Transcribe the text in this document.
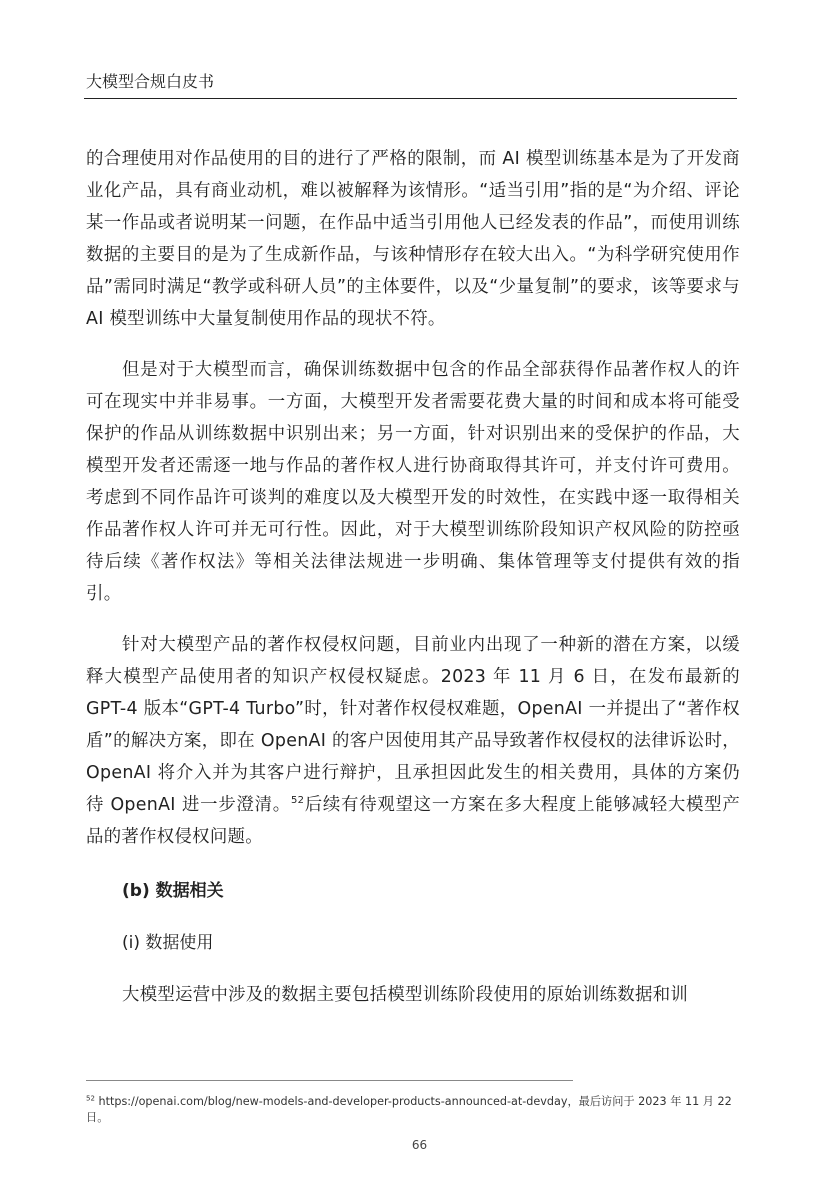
大模型合规白皮书

的合理使用对作品使用的目的进行了严格的限制，而 AI 模型训练基本是为了开发商业化产品，具有商业动机，难以被解释为该情形。“适当引用”指的是“为介绍、评论某一作品或者说明某一问题，在作品中适当引用他人已经发表的作品”，而使用训练数据的主要目的是为了生成新作品，与该种情形存在较大出入。“为科学研究使用作品”需同时满足“教学或科研人员”的主体要件，以及“少量复制”的要求，该等要求与 AI 模型训练中大量复制使用作品的现状不符。

但是对于大模型而言，确保训练数据中包含的作品全部获得作品著作权人的许可在现实中并非易事。一方面，大模型开发者需要花费大量的时间和成本将可能受保护的作品从训练数据中识别出来；另一方面，针对识别出来的受保护的作品，大模型开发者还需逐一地与作品的著作权人进行协商取得其许可，并支付许可费用。考虑到不同作品许可谈判的难度以及大模型开发的时效性，在实践中逐一取得相关作品著作权人许可并无可行性。因此，对于大模型训练阶段知识产权风险的防控亟待后续《著作权法》等相关法律法规进一步明确、集体管理等支付提供有效的指引。

针对大模型产品的著作权侵权问题，目前业内出现了一种新的潜在方案，以缓释大模型产品使用者的知识产权侵权疑虑。2023 年 11 月 6 日，在发布最新的 GPT-4 版本“GPT-4 Turbo”时，针对著作权侵权难题，OpenAI 一并提出了“著作权盾”的解决方案，即在 OpenAI 的客户因使用其产品导致著作权侵权的法律诉讼时，OpenAI 将介入并为其客户进行辩护，且承担因此发生的相关费用，具体的方案仍待 OpenAI 进一步澄清。$^{52}$后续有待观望这一方案在多大程度上能够减轻大模型产品的著作权侵权问题。

(b) 数据相关
(i) 数据使用

大模型运营中涉及的数据主要包括模型训练阶段使用的原始训练数据和训

$^{52}$ https://openai.com/blog/new-models-and-developer-products-announced-at-devday，最后访问于 2023 年 11 月 22 日。
66
